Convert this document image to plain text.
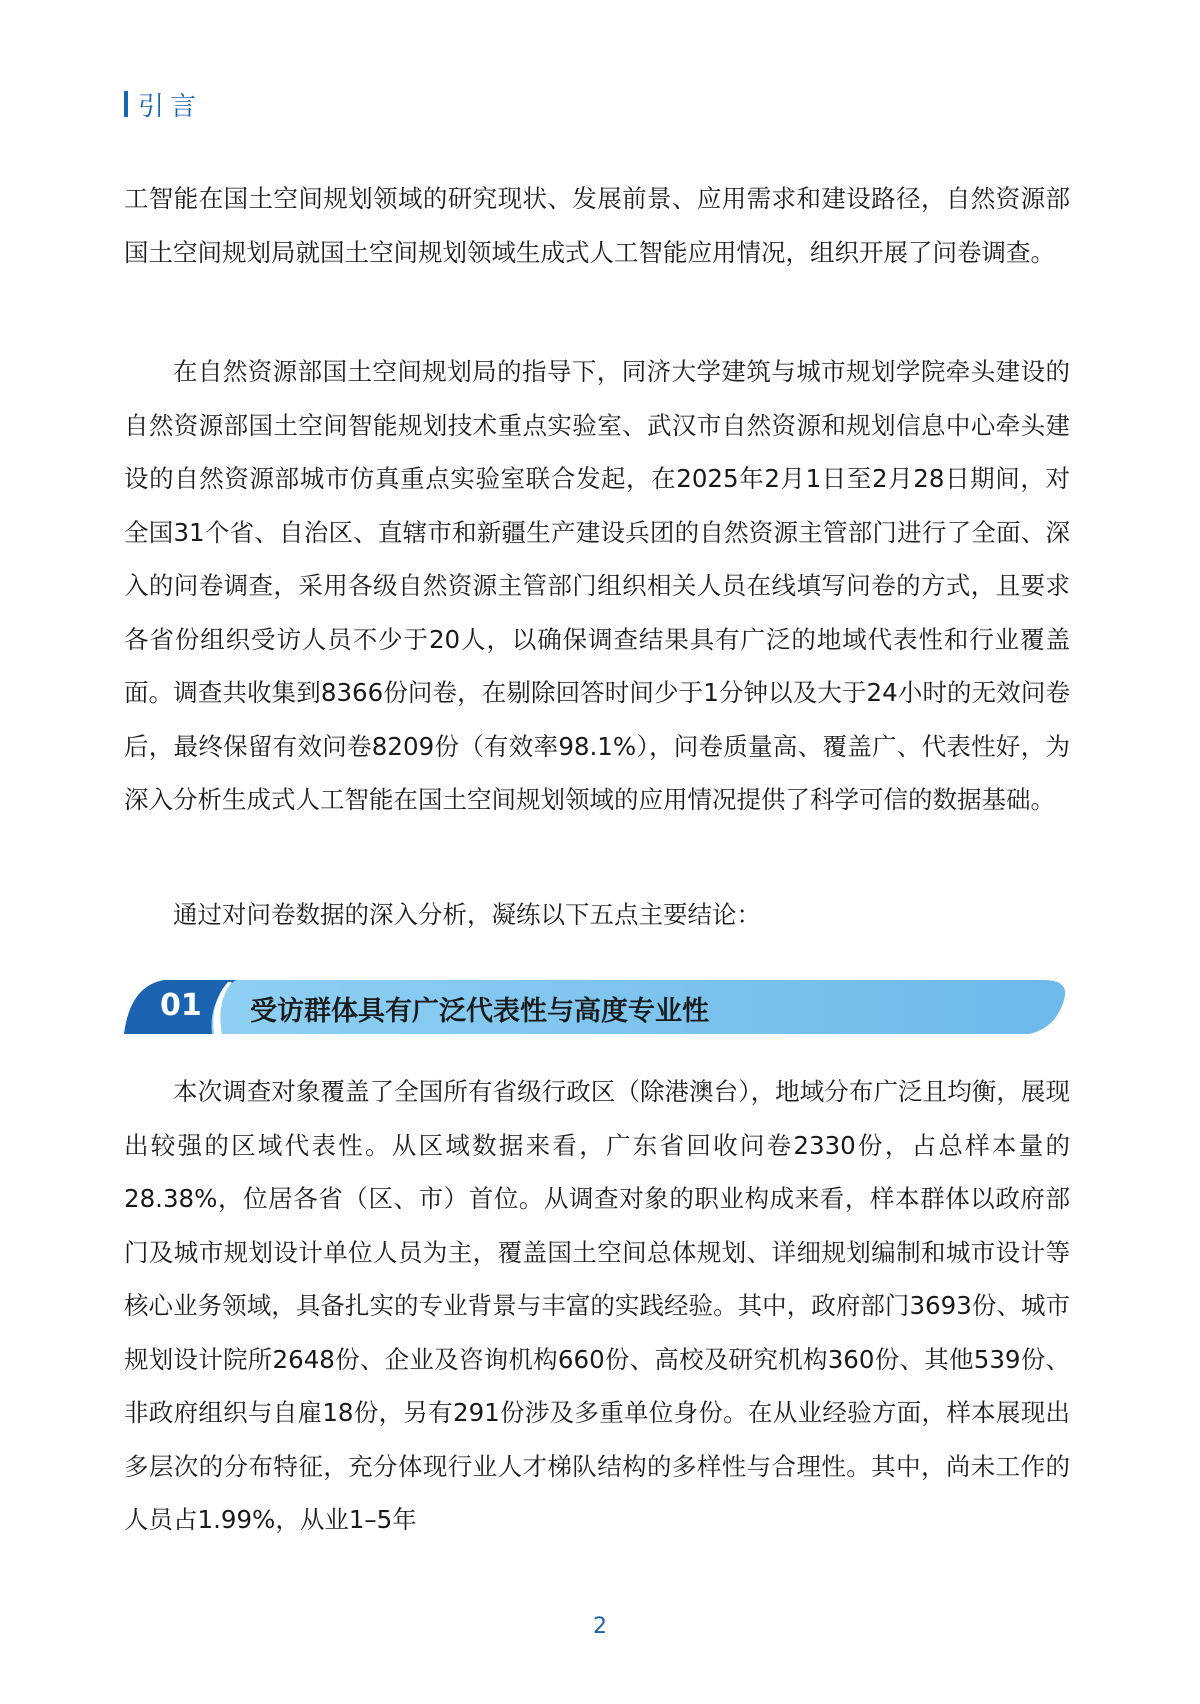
引言

工智能在国土空间规划领域的研究现状、发展前景、应用需求和建设路径，自然资源部国土空间规划局就国土空间规划领域生成式人工智能应用情况，组织开展了问卷调查。

在自然资源部国土空间规划局的指导下，同济大学建筑与城市规划学院牵头建设的自然资源部国土空间智能规划技术重点实验室、武汉市自然资源和规划信息中心牵头建设的自然资源部城市仿真重点实验室联合发起，在2025年2月1日至2月28日期间，对全国31个省、自治区、直辖市和新疆生产建设兵团的自然资源主管部门进行了全面、深入的问卷调查，采用各级自然资源主管部门组织相关人员在线填写问卷的方式，且要求各省份组织受访人员不少于20人，以确保调查结果具有广泛的地域代表性和行业覆盖面。调查共收集到8366份问卷，在剔除回答时间少于1分钟以及大于24小时的无效问卷后，最终保留有效问卷8209份（有效率98.1%），问卷质量高、覆盖广、代表性好，为深入分析生成式人工智能在国土空间规划领域的应用情况提供了科学可信的数据基础。

通过对问卷数据的深入分析，凝练以下五点主要结论：

01 受访群体具有广泛代表性与高度专业性

本次调查对象覆盖了全国所有省级行政区（除港澳台），地域分布广泛且均衡，展现出较强的区域代表性。从区域数据来看，广东省回收问卷2330份，占总样本量的28.38%，位居各省（区、市）首位。从调查对象的职业构成来看，样本群体以政府部门及城市规划设计单位人员为主，覆盖国土空间总体规划、详细规划编制和城市设计等核心业务领域，具备扎实的专业背景与丰富的实践经验。其中，政府部门3693份、城市规划设计院所2648份、企业及咨询机构660份、高校及研究机构360份、其他539份、非政府组织与自雇18份，另有291份涉及多重单位身份。在从业经验方面，样本展现出多层次的分布特征，充分体现行业人才梯队结构的多样性与合理性。其中，尚未工作的人员占1.99%，从业1–5年

2
